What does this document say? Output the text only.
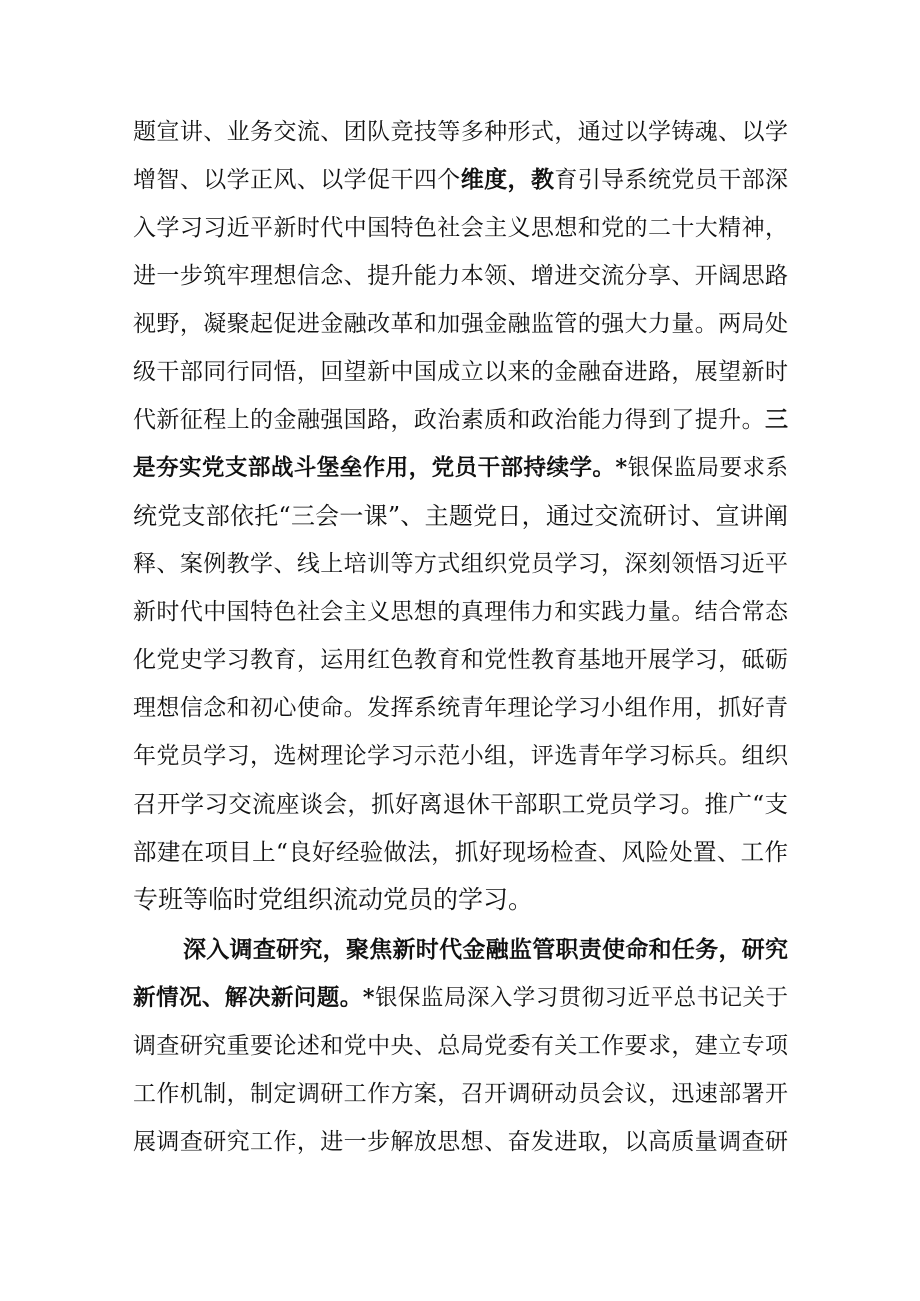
题宣讲、业务交流、团队竞技等多种形式，通过以学铸魂、以学
增智、以学正风、以学促干四个维度，教育引导系统党员干部深
入学习习近平新时代中国特色社会主义思想和党的二十大精神，
进一步筑牢理想信念、提升能力本领、增进交流分享、开阔思路
视野，凝聚起促进金融改革和加强金融监管的强大力量。两局处
级干部同行同悟，回望新中国成立以来的金融奋进路，展望新时
代新征程上的金融强国路，政治素质和政治能力得到了提升。三
是夯实党支部战斗堡垒作用，党员干部持续学。*银保监局要求系
统党支部依托“三会一课”、主题党日，通过交流研讨、宣讲阐
释、案例教学、线上培训等方式组织党员学习，深刻领悟习近平
新时代中国特色社会主义思想的真理伟力和实践力量。结合常态
化党史学习教育，运用红色教育和党性教育基地开展学习，砥砺
理想信念和初心使命。发挥系统青年理论学习小组作用，抓好青
年党员学习，选树理论学习示范小组，评选青年学习标兵。组织
召开学习交流座谈会，抓好离退休干部职工党员学习。推广“支
部建在项目上“良好经验做法，抓好现场检查、风险处置、工作
专班等临时党组织流动党员的学习。
深入调查研究，聚焦新时代金融监管职责使命和任务，研究
新情况、解决新问题。*银保监局深入学习贯彻习近平总书记关于
调查研究重要论述和党中央、总局党委有关工作要求，建立专项
工作机制，制定调研工作方案，召开调研动员会议，迅速部署开
展调查研究工作，进一步解放思想、奋发进取，以高质量调查研
